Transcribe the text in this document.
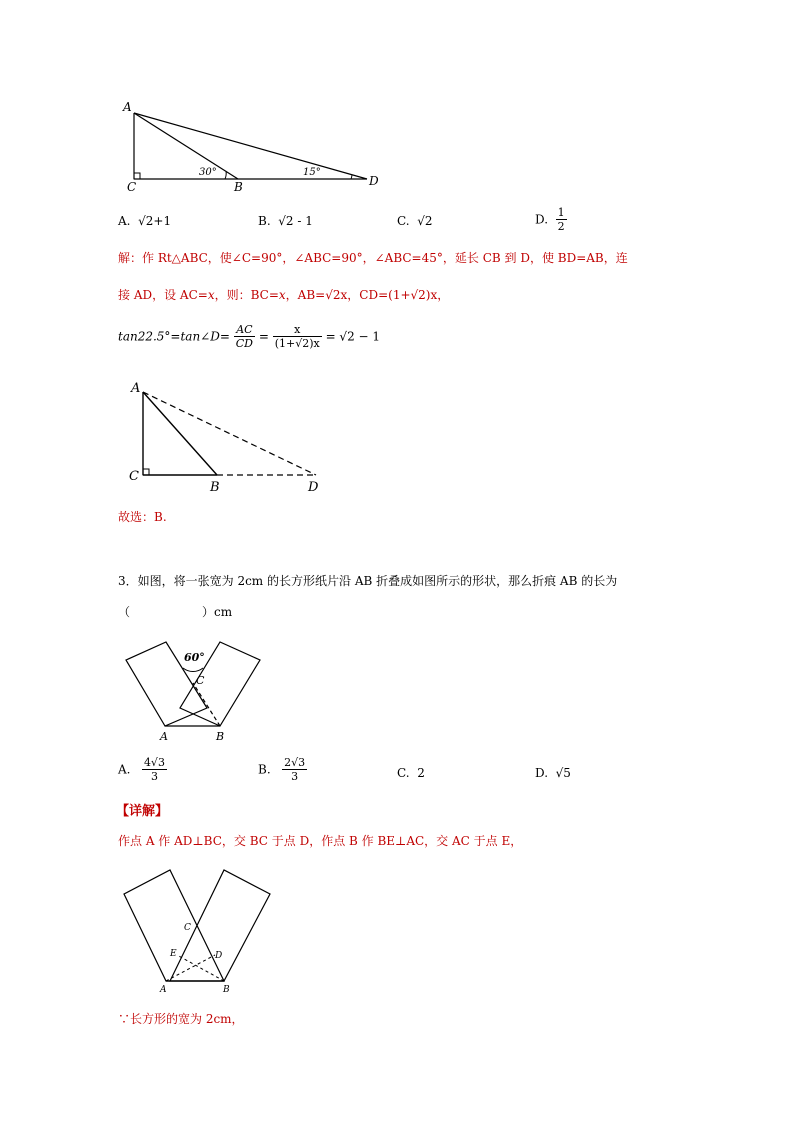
A
C	B	D
30°	15°
A. √2+1	B. √2 - 1	C. √2	D. $\frac{1}{2}$
解：作 Rt△ABC，使∠C=90°，∠ABC=90°，∠ABC=45°，延长 CB 到 D，使 BD=AB，连
接 AD，设 AC=x，则：BC=x，AB=√2x，CD=(1+√2)x，
tan22.5°=tan∠D= $\frac{AC}{CD} = \frac{x}{(1+√2)x} = √2 - 1$
A
C
B	D
故选：B.
3．如图，将一张宽为 2cm 的长方形纸片沿 AB 折叠成如图所示的形状，那么折痕 AB 的长为
（　　　　　　）cm
60°
C
A	B
A. $\frac{4√3}{3}$	B. $\frac{2√3}{3}$	C. 2	D. √5
【详解】
作点 A 作 AD⊥BC，交 BC 于点 D，作点 B 作 BE⊥AC，交 AC 于点 E，
C
E	D
A	B
∵长方形的宽为 2cm，
